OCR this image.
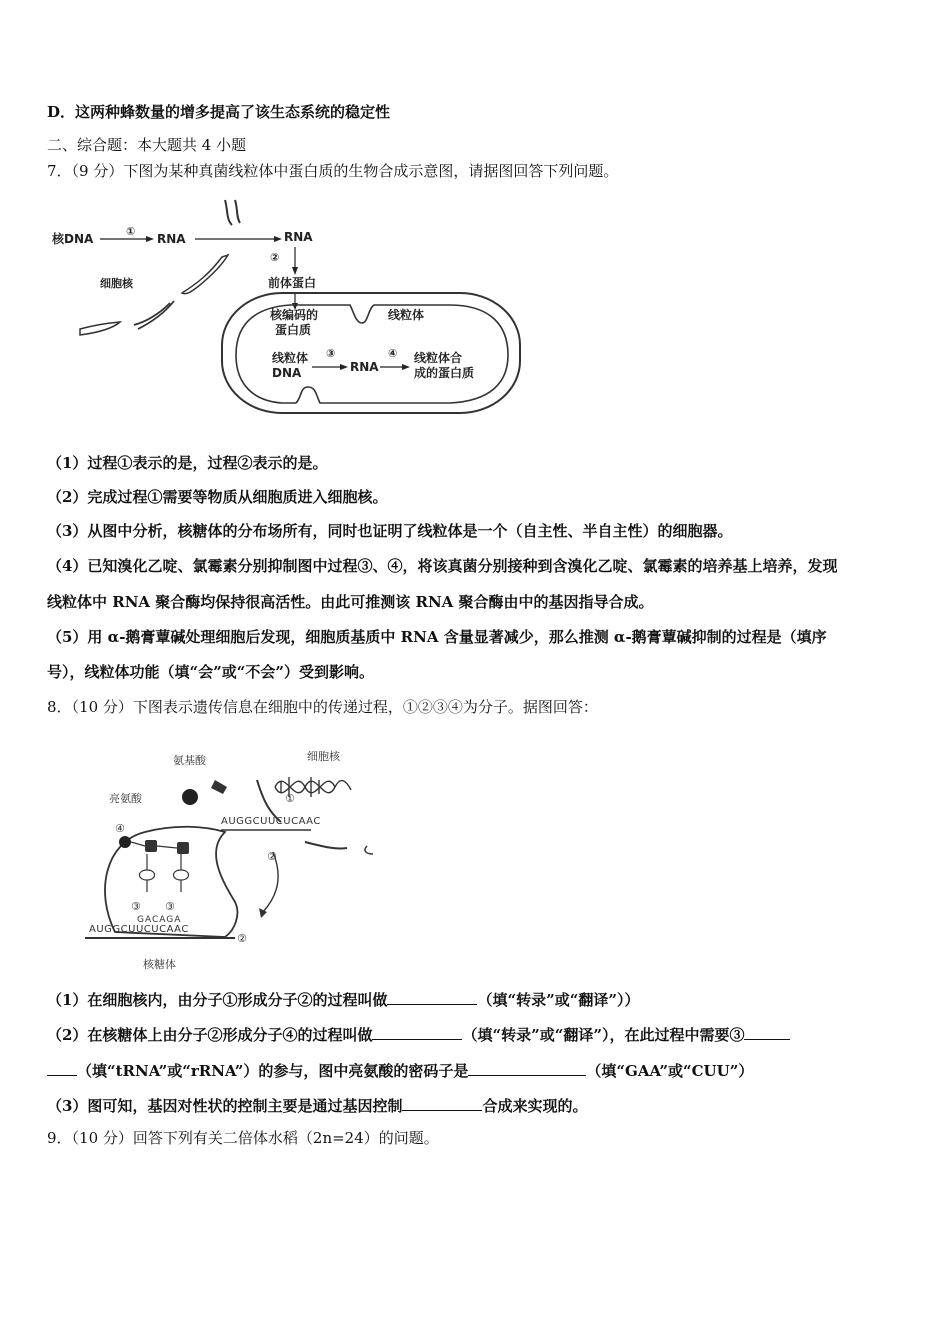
D．这两种蜂数量的增多提高了该生态系统的稳定性
二、综合题：本大题共 4 小题
7．（9 分）下图为某种真菌线粒体中蛋白质的生物合成示意图，请据图回答下列问题。
核DNA
①
RNA	RNA
②
前体蛋白
细胞核
核编码的
蛋白质
线粒体
线粒体
DNA
③
RNA
④ 线粒体合
成的蛋白质
（1）过程①表示的是，过程②表示的是。
（2）完成过程①需要等物质从细胞质进入细胞核。
（3）从图中分析，核糖体的分布场所有，同时也证明了线粒体是一个（自主性、半自主性）的细胞器。
（4）已知溴化乙啶、氯霉素分别抑制图中过程③、④，将该真菌分别接种到含溴化乙啶、氯霉素的培养基上培养，发现
线粒体中 RNA 聚合酶均保持很高活性。由此可推测该 RNA 聚合酶由中的基因指导合成。
（5）用 α-鹅膏蕈碱处理细胞后发现，细胞质基质中 RNA 含量显著减少，那么推测 α-鹅膏蕈碱抑制的过程是（填序
号），线粒体功能（填“会”或“不会”）受到影响。
8．（10 分）下图表示遗传信息在细胞中的传递过程，①②③④为分子。据图回答：
氨基酸	细胞核
亮氨酸	①
④
②
②
③ ③
核糖体
AUGGCUUCUCAAC
GACAGA
AUGGCUUCUCAAC
（1）在细胞核内，由分子①形成分子②的过程叫做	（填“转录”或“翻译”））
（2）在核糖体上由分子②形成分子④的过程叫做	（填“转录”或“翻译”），在此过程中需要③
（填“tRNA”或“rRNA”）的参与，图中亮氨酸的密码子是	（填“GAA”或“CUU”）
（3）图可知，基因对性状的控制主要是通过基因控制	合成来实现的。
9．（10 分）回答下列有关二倍体水稻（2n=24）的问题。
